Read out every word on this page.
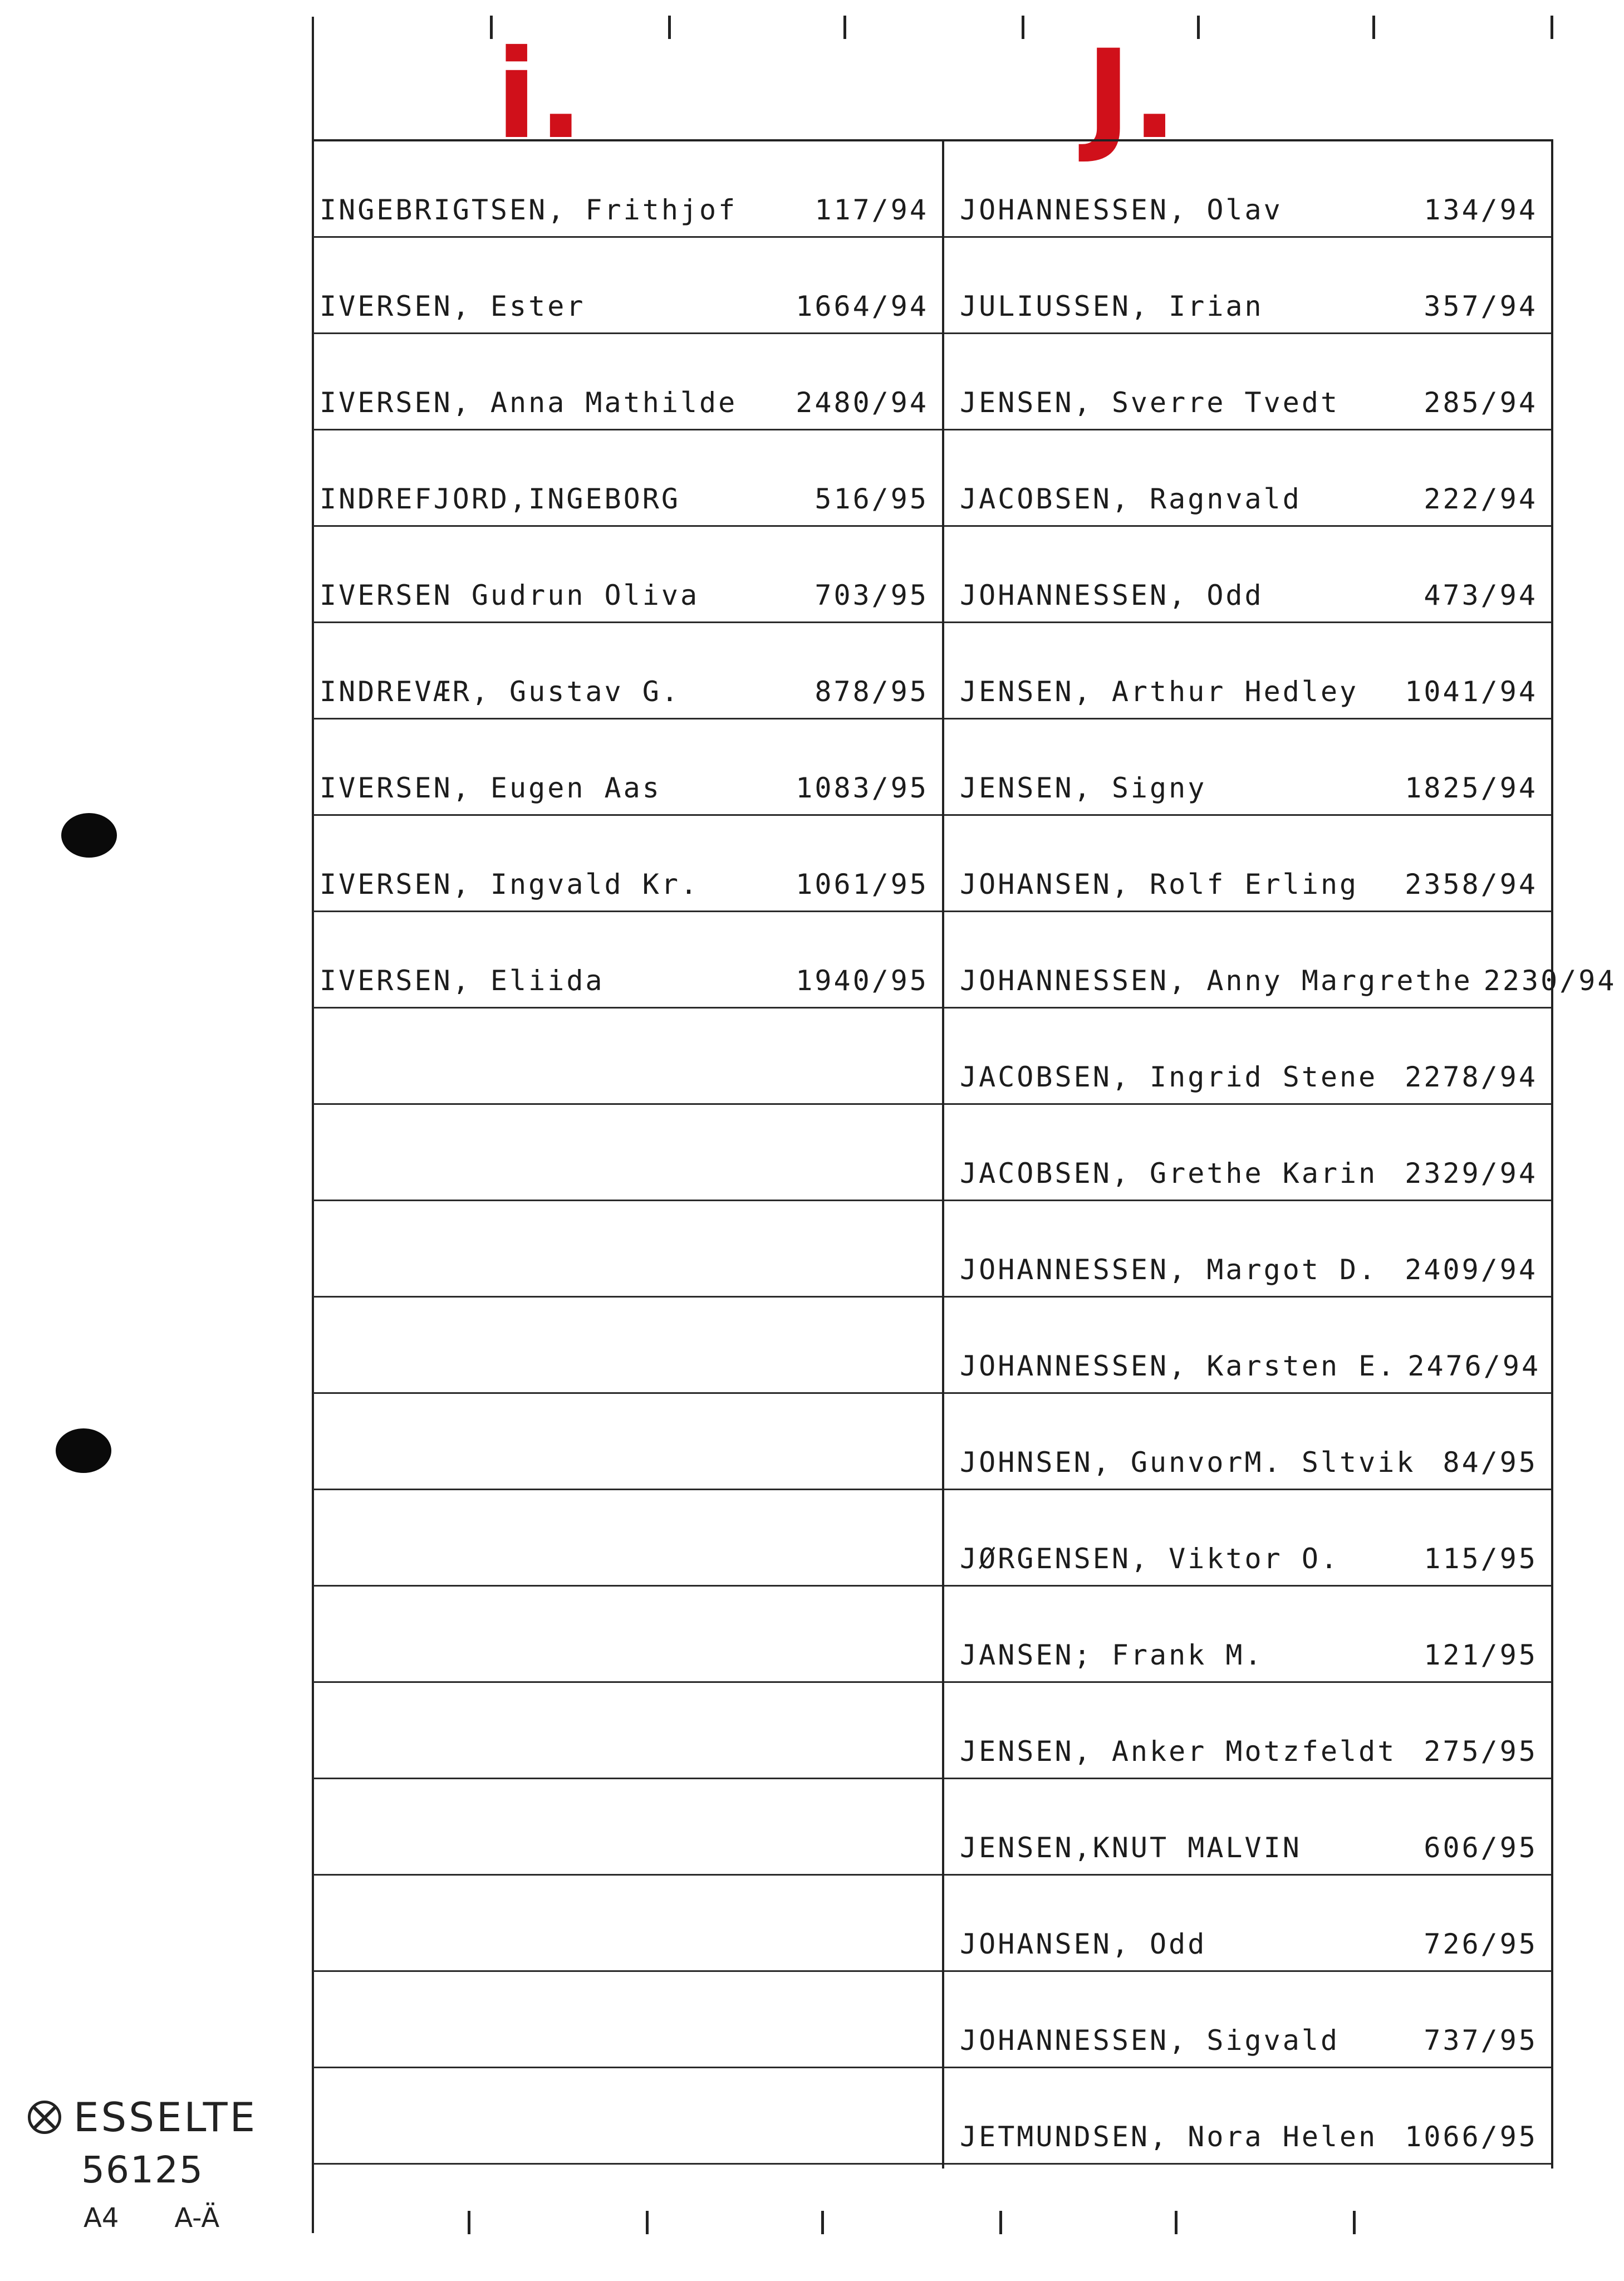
i.	J.
INGEBRIGTSEN, Frithjof	117/94
IVERSEN, Ester	1664/94
IVERSEN, Anna Mathilde	2480/94
INDREFJORD,INGEBORG	516/95
IVERSEN Gudrun Oliva	703/95
INDREVÆR, Gustav G.	878/95
IVERSEN, Eugen Aas	1083/95
IVERSEN, Ingvald Kr.	1061/95
IVERSEN, Eliida	1940/95
JOHANNESSEN, Olav	134/94
JULIUSSEN, Irian	357/94
JENSEN, Sverre Tvedt	285/94
JACOBSEN, Ragnvald	222/94
JOHANNESSEN, Odd	473/94
JENSEN, Arthur Hedley	1041/94
JENSEN, Signy	1825/94
JOHANSEN, Rolf Erling	2358/94
JOHANNESSEN, Anny Margrethe 2230/94
JACOBSEN, Ingrid Stene 2278/94
JACOBSEN, Grethe Karin 2329/94
JOHANNESSEN, Margot D. 2409/94
JOHANNESSEN, Karsten E. 2476/94
JOHNSEN, GunvorM. Sltvik 84/95
JØRGENSEN, Viktor O.	115/95
JANSEN; Frank M.	121/95
JENSEN, Anker Motzfeldt 275/95
JENSEN,KNUT MALVIN	606/95
JOHANSEN, Odd	726/95
JOHANNESSEN, Sigvald	737/95
JETMUNDSEN, Nora Helen 1066/95
ESSELTE
56125
A4 A-Ä
